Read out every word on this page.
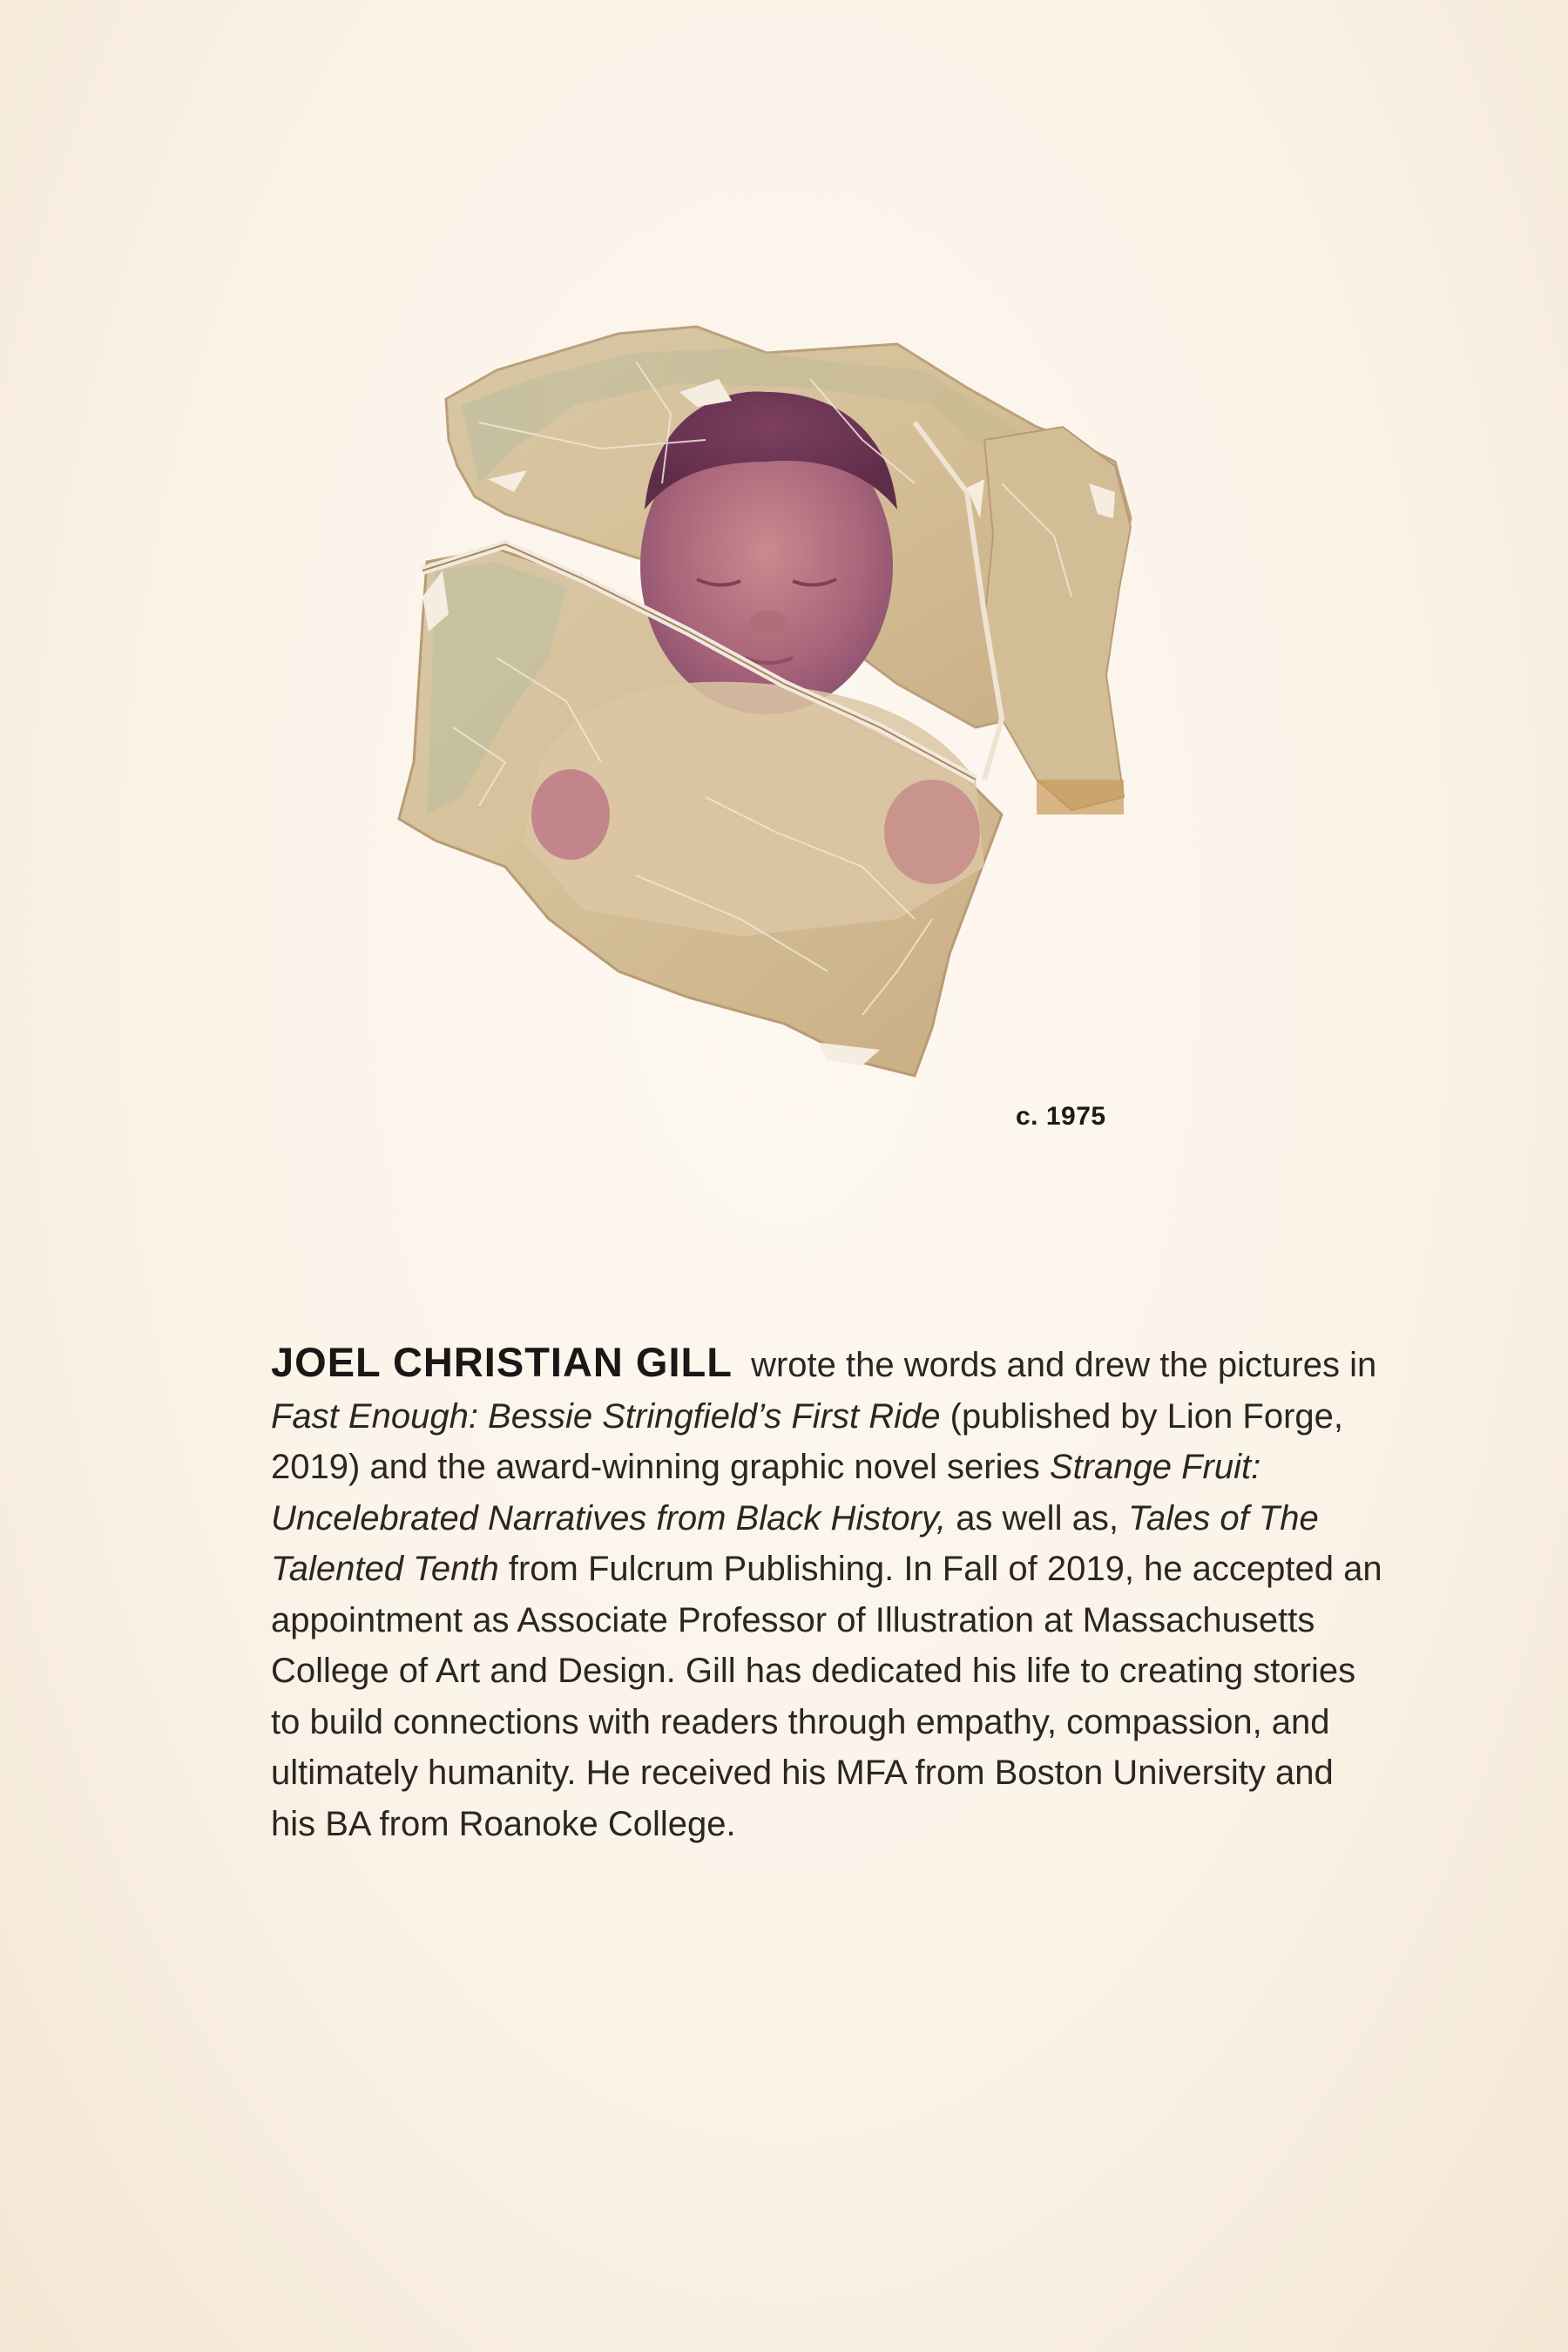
c. 1975
JOEL CHRISTIAN GILL wrote the words and drew the pictures in Fast Enough: Bessie Stringfield’s First Ride (published by Lion Forge, 2019) and the award-winning graphic novel series Strange Fruit: Uncelebrated Narratives from Black History, as well as, Tales of The Talented Tenth from Fulcrum Publishing. In Fall of 2019, he accepted an appointment as Associate Professor of Illustration at Massachusetts College of Art and Design. Gill has dedicated his life to creating stories to build connections with readers through empathy, compassion, and ultimately humanity. He received his MFA from Boston University and his BA from Roanoke College.
